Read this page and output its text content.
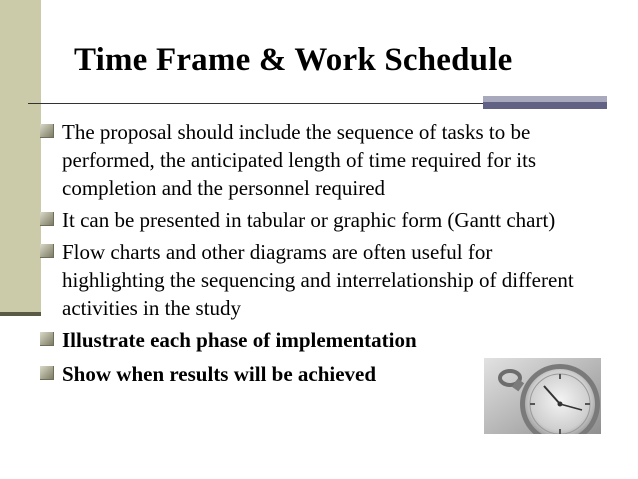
Time Frame & Work Schedule
The proposal should include the sequence of tasks to be performed, the anticipated length of time required for its completion and the personnel required
It can be presented in tabular or graphic form (Gantt chart)
Flow charts and other diagrams are often useful for highlighting the sequencing and interrelationship of different activities in the study
Illustrate each phase of implementation
Show when results will be achieved
